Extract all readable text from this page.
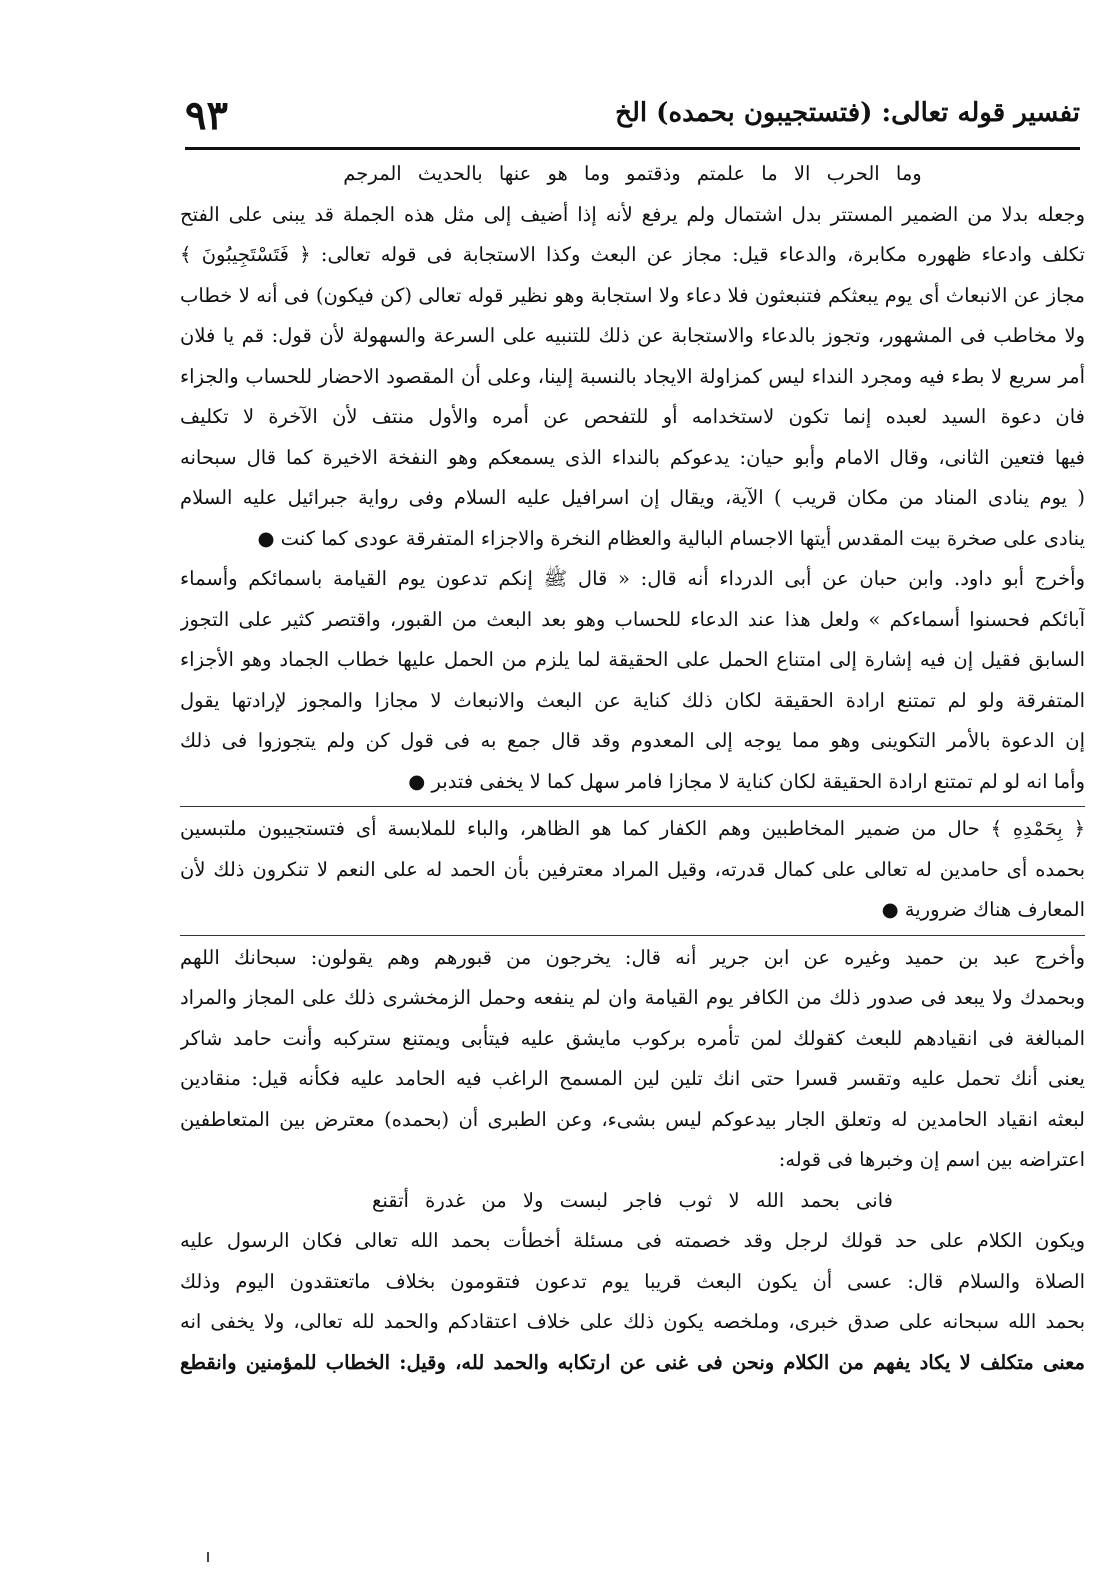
تفسير قوله تعالى: (فتستجيبون بحمده) الخ
٩٣
وما الحرب الا ما علمتم وذقتمو وما هو عنها بالحديث المرجم
وجعله بدلا من الضمير المستتر بدل اشتمال ولم يرفع لأنه إذا أضيف إلى مثل هذه الجملة قد يبنى على الفتح
تكلف وادعاء ظهوره مكابرة، والدعاء قيل: مجاز عن البعث وكذا الاستجابة فى قوله تعالى: ﴿ فَتَسْتَجِيبُونَ ﴾
مجاز عن الانبعاث أى يوم يبعثكم فتنبعثون فلا دعاء ولا استجابة وهو نظير قوله تعالى (كن فيكون) فى أنه لا خطاب
ولا مخاطب فى المشهور، وتجوز بالدعاء والاستجابة عن ذلك للتنبيه على السرعة والسهولة لأن قول: قم يا فلان
أمر سريع لا بطء فيه ومجرد النداء ليس كمزاولة الايجاد بالنسبة إلينا، وعلى أن المقصود الاحضار للحساب والجزاء
فان دعوة السيد لعبده إنما تكون لاستخدامه أو للتفحص عن أمره والأول منتف لأن الآخرة لا تكليف
فيها فتعين الثانى، وقال الامام وأبو حيان: يدعوكم بالنداء الذى يسمعكم وهو النفخة الاخيرة كما قال سبحانه
( يوم ينادى المناد من مكان قريب ) الآية، ويقال إن اسرافيل عليه السلام وفى رواية جبرائيل عليه السلام
ينادى على صخرة بيت المقدس أيتها الاجسام البالية والعظام النخرة والاجزاء المتفرقة عودى كما كنت ●
وأخرج أبو داود. وابن حبان عن أبى الدرداء أنه قال: « قال ﷺ إنكم تدعون يوم القيامة باسمائكم وأسماء
آبائكم فحسنوا أسماءكم » ولعل هذا عند الدعاء للحساب وهو بعد البعث من القبور، واقتصر كثير على التجوز
السابق فقيل إن فيه إشارة إلى امتناع الحمل على الحقيقة لما يلزم من الحمل عليها خطاب الجماد وهو الأجزاء
المتفرقة ولو لم تمتنع ارادة الحقيقة لكان ذلك كناية عن البعث والانبعاث لا مجازا والمجوز لإرادتها يقول
إن الدعوة بالأمر التكوينى وهو مما يوجه إلى المعدوم وقد قال جمع به فى قول كن ولم يتجوزوا فى ذلك
وأما انه لو لم تمتنع ارادة الحقيقة لكان كناية لا مجازا فامر سهل كما لا يخفى فتدبر ●
﴿ بِحَمْدِهِ ﴾ حال من ضمير المخاطبين وهم الكفار كما هو الظاهر، والباء للملابسة أى فتستجيبون ملتبسين
بحمده أى حامدين له تعالى على كمال قدرته، وقيل المراد معترفين بأن الحمد له على النعم لا تنكرون ذلك لأن
المعارف هناك ضرورية ●
وأخرج عبد بن حميد وغيره عن ابن جرير أنه قال: يخرجون من قبورهم وهم يقولون: سبحانك اللهم
وبحمدك ولا يبعد فى صدور ذلك من الكافر يوم القيامة وان لم ينفعه وحمل الزمخشرى ذلك على المجاز والمراد
المبالغة فى انقيادهم للبعث كقولك لمن تأمره بركوب مايشق عليه فيتأبى ويمتنع ستركبه وأنت حامد شاكر
يعنى أنك تحمل عليه وتقسر قسرا حتى انك تلين لين المسمح الراغب فيه الحامد عليه فكأنه قيل: منقادين
لبعثه انقياد الحامدين له وتعلق الجار بيدعوكم ليس بشىء، وعن الطبرى أن (بحمده) معترض بين المتعاطفين
اعتراضه بين اسم إن وخبرها فى قوله:
فانى بحمد الله لا ثوب فاجر لبست ولا من غدرة أتقنع
ويكون الكلام على حد قولك لرجل وقد خصمته فى مسئلة أخطأت بحمد الله تعالى فكان الرسول عليه
الصلاة والسلام قال: عسى أن يكون البعث قريبا يوم تدعون فتقومون بخلاف ماتعتقدون اليوم وذلك
بحمد الله سبحانه على صدق خبرى، وملخصه يكون ذلك على خلاف اعتقادكم والحمد لله تعالى، ولا يخفى انه
معنى متكلف لا يكاد يفهم من الكلام ونحن فى غنى عن ارتكابه والحمد لله، وقيل: الخطاب للمؤمنين وانقطع
